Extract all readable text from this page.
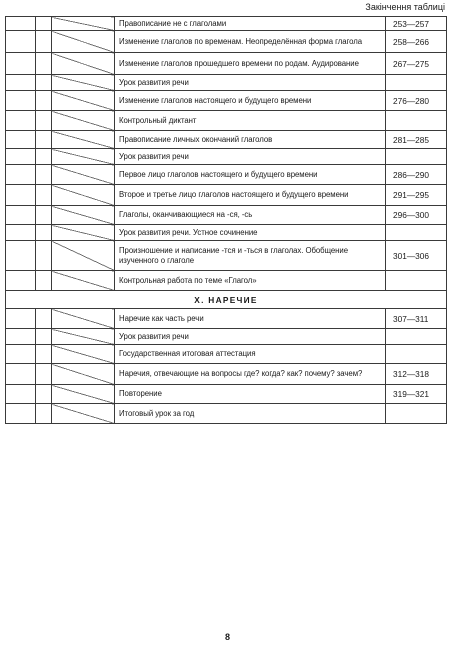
Закінчення таблиці

			Правописание не с глаголами	253—257
			Изменение глаголов по временам. Неопределённая форма глагола	258—266
			Изменение глаголов прошедшего времени по родам. Аудирование	267—275
			Урок развития речи	
			Изменение глаголов настоящего и будущего времени	276—280
			Контрольный диктант	
			Правописание личных окончаний глаголов	281—285
			Урок развития речи	
			Первое лицо глаголов настоящего и будущего времени	286—290
			Второе и третье лицо глаголов настоящего и будущего времени	291—295
			Глаголы, оканчивающиеся на -ся, -сь	296—300
			Урок развития речи. Устное сочинение	
			Произношение и написание -тся и -ться в глаголах. Обобщение изученного о глаголе	301—306
			Контрольная работа по теме «Глагол»	
X. НАРЕЧИЕ				
			Наречие как часть речи	307—311
			Урок развития речи	
			Государственная итоговая аттестация	
			Наречия, отвечающие на вопросы где? когда? как? почему? зачем?	312—318
			Повторение	319—321
			Итоговый урок за год	

8
